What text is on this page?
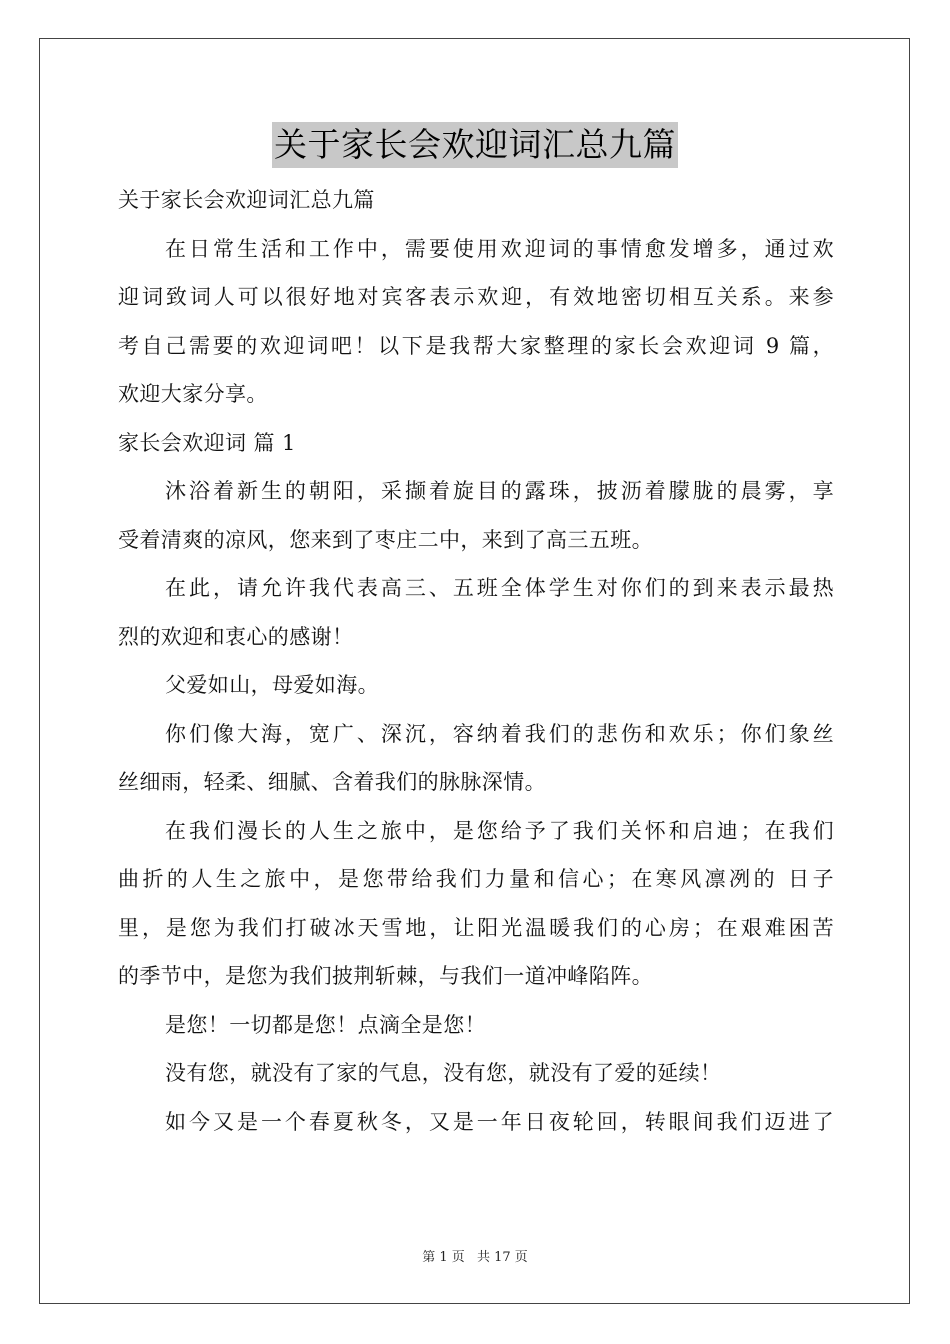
关于家长会欢迎词汇总九篇

关于家长会欢迎词汇总九篇

在日常生活和工作中，需要使用欢迎词的事情愈发增多，通过欢

迎词致词人可以很好地对宾客表示欢迎，有效地密切相互关系。来参

考自己需要的欢迎词吧！以下是我帮大家整理的家长会欢迎词 9 篇，

欢迎大家分享。

家长会欢迎词 篇 1

沐浴着新生的朝阳，采撷着旋目的露珠，披沥着朦胧的晨雾，享

受着清爽的凉风，您来到了枣庄二中，来到了高三五班。

在此，请允许我代表高三、五班全体学生对你们的到来表示最热

烈的欢迎和衷心的感谢！

父爱如山，母爱如海。

你们像大海，宽广、深沉，容纳着我们的悲伤和欢乐；你们象丝

丝细雨，轻柔、细腻、含着我们的脉脉深情。

在我们漫长的人生之旅中，是您给予了我们关怀和启迪；在我们

曲折的人生之旅中，是您带给我们力量和信心；在寒风凛冽的 日子

里，是您为我们打破冰天雪地，让阳光温暖我们的心房；在艰难困苦

的季节中，是您为我们披荆斩棘，与我们一道冲峰陷阵。

是您！一切都是您！点滴全是您！

没有您，就没有了家的气息，没有您，就没有了爱的延续！

如今又是一个春夏秋冬，又是一年日夜轮回，转眼间我们迈进了

第 1 页 共 17 页
